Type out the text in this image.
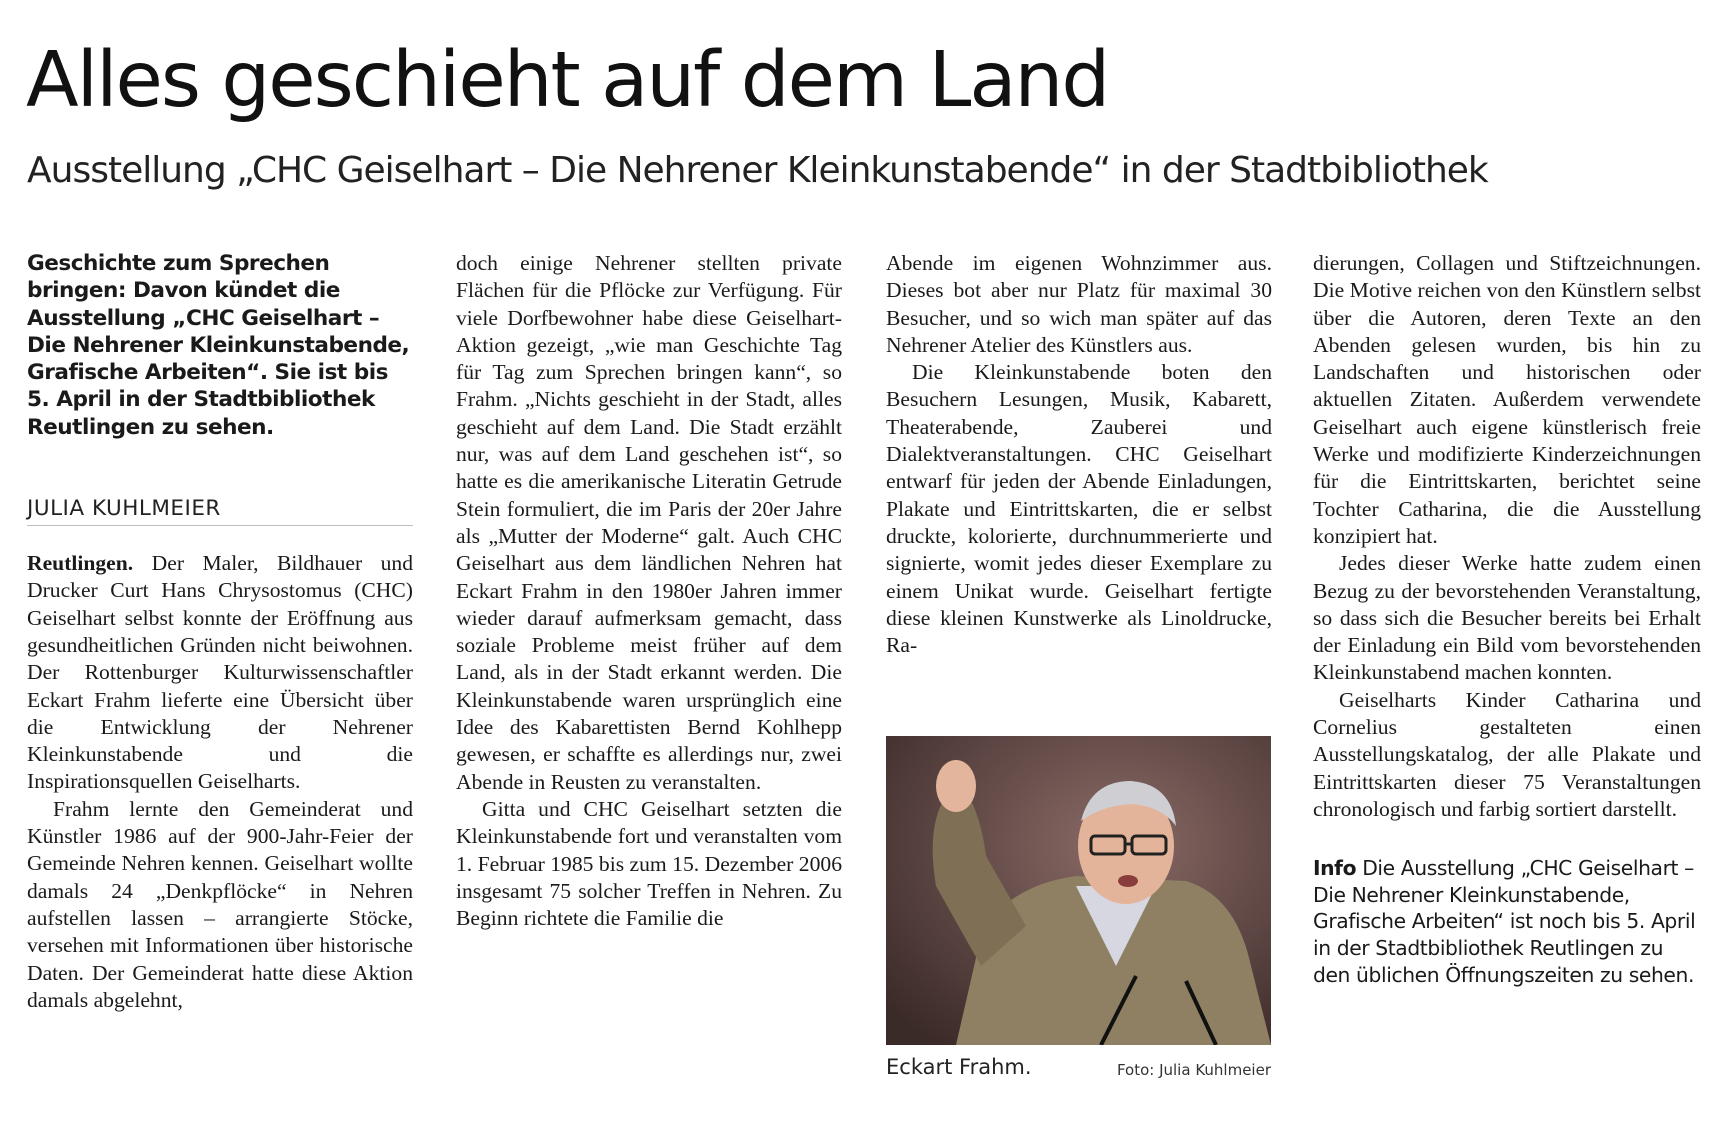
Alles geschieht auf dem Land
Ausstellung „CHC Geiselhart – Die Nehrener Kleinkunstabende“ in der Stadtbibliothek

Geschichte zum Sprechen bringen: Davon kündet die Ausstellung „CHC Geiselhart – Die Nehrener Kleinkunstabende, Grafische Arbeiten“. Sie ist bis 5. April in der Stadtbibliothek Reutlingen zu sehen.

JULIA KUHLMEIER

Reutlingen. Der Maler, Bildhauer und Drucker Curt Hans Chrysostomus (CHC) Geiselhart selbst konnte der Eröffnung aus gesundheitlichen Gründen nicht beiwohnen. Der Rottenburger Kulturwissenschaftler Eckart Frahm lieferte eine Übersicht über die Entwicklung der Nehrener Kleinkunstabende und die Inspirationsquellen Geiselharts.

Frahm lernte den Gemeinderat und Künstler 1986 auf der 900-Jahr-Feier der Gemeinde Nehren kennen. Geiselhart wollte damals 24 „Denkpflöcke“ in Nehren aufstellen lassen – arrangierte Stöcke, versehen mit Informationen über historische Daten. Der Gemeinderat hatte diese Aktion damals abgelehnt,

doch einige Nehrener stellten private Flächen für die Pflöcke zur Verfügung. Für viele Dorfbewohner habe diese Geiselhart-Aktion gezeigt, „wie man Geschichte Tag für Tag zum Sprechen bringen kann“, so Frahm. „Nichts geschieht in der Stadt, alles geschieht auf dem Land. Die Stadt erzählt nur, was auf dem Land geschehen ist“, so hatte es die amerikanische Literatin Getrude Stein formuliert, die im Paris der 20er Jahre als „Mutter der Moderne“ galt. Auch CHC Geiselhart aus dem ländlichen Nehren hat Eckart Frahm in den 1980er Jahren immer wieder darauf aufmerksam gemacht, dass soziale Probleme meist früher auf dem Land, als in der Stadt erkannt werden. Die Kleinkunstabende waren ursprünglich eine Idee des Kabarettisten Bernd Kohlhepp gewesen, er schaffte es allerdings nur, zwei Abende in Reusten zu veranstalten.

Gitta und CHC Geiselhart setzten die Kleinkunstabende fort und veranstalten vom 1. Februar 1985 bis zum 15. Dezember 2006 insgesamt 75 solcher Treffen in Nehren. Zu Beginn richtete die Familie die

Abende im eigenen Wohnzimmer aus. Dieses bot aber nur Platz für maximal 30 Besucher, und so wich man später auf das Nehrener Atelier des Künstlers aus.

Die Kleinkunstabende boten den Besuchern Lesungen, Musik, Kabarett, Theaterabende, Zauberei und Dialektveranstaltungen. CHC Geiselhart entwarf für jeden der Abende Einladungen, Plakate und Eintrittskarten, die er selbst druckte, kolorierte, durchnummerierte und signierte, womit jedes dieser Exemplare zu einem Unikat wurde. Geiselhart fertigte diese kleinen Kunstwerke als Linoldrucke, Ra-

Eckart Frahm.	Foto: Julia Kuhlmeier

dierungen, Collagen und Stiftzeichnungen. Die Motive reichen von den Künstlern selbst über die Autoren, deren Texte an den Abenden gelesen wurden, bis hin zu Landschaften und historischen oder aktuellen Zitaten. Außerdem verwendete Geiselhart auch eigene künstlerisch freie Werke und modifizierte Kinderzeichnungen für die Eintrittskarten, berichtet seine Tochter Catharina, die die Ausstellung konzipiert hat.

Jedes dieser Werke hatte zudem einen Bezug zu der bevorstehenden Veranstaltung, so dass sich die Besucher bereits bei Erhalt der Einladung ein Bild vom bevorstehenden Kleinkunstabend machen konnten.

Geiselharts Kinder Catharina und Cornelius gestalteten einen Ausstellungskatalog, der alle Plakate und Eintrittskarten dieser 75 Veranstaltungen chronologisch und farbig sortiert darstellt.

Info Die Ausstellung „CHC Geiselhart – Die Nehrener Kleinkunstabende, Grafische Arbeiten“ ist noch bis 5. April in der Stadtbibliothek Reutlingen zu den üblichen Öffnungszeiten zu sehen.
